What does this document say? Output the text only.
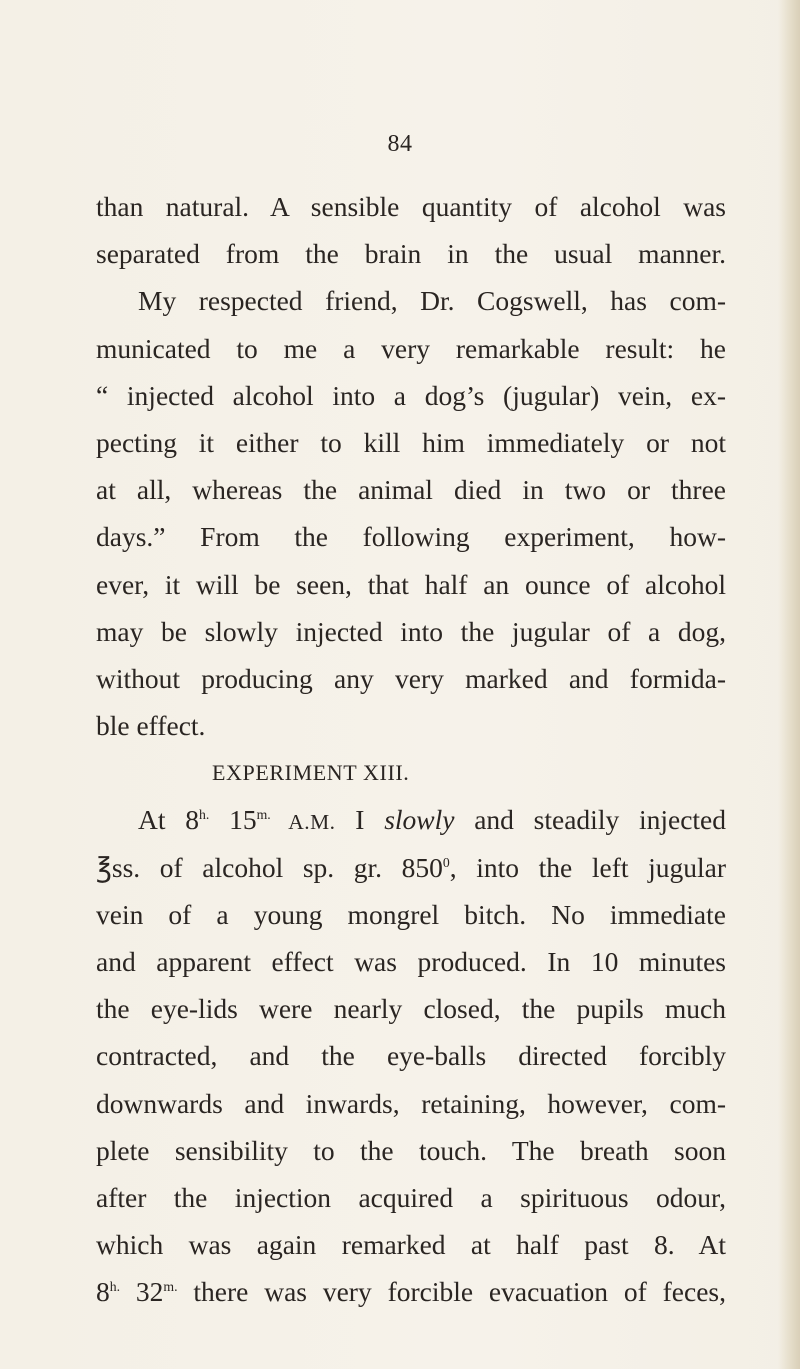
84
than natural. A sensible quantity of alcohol was
separated from the brain in the usual manner.
My respected friend, Dr. Cogswell, has com-
municated to me a very remarkable result: he
“ injected alcohol into a dog’s (jugular) vein, ex-
pecting it either to kill him immediately or not
at all, whereas the animal died in two or three
days.” From the following experiment, how-
ever, it will be seen, that half an ounce of alcohol
may be slowly injected into the jugular of a dog,
without producing any very marked and formida-
ble effect.
EXPERIMENT XIII.
At $8^{h.}$ $15^{m.}$ A.M. I slowly and steadily injected
℥ss. of alcohol sp. gr. $850^0$, into the left jugular
vein of a young mongrel bitch. No immediate
and apparent effect was produced. In 10 minutes
the eye-lids were nearly closed, the pupils much
contracted, and the eye-balls directed forcibly
downwards and inwards, retaining, however, com-
plete sensibility to the touch. The breath soon
after the injection acquired a spirituous odour,
which was again remarked at half past 8. At
$8^{h.}$ $32^{m.}$ there was very forcible evacuation of feces,
